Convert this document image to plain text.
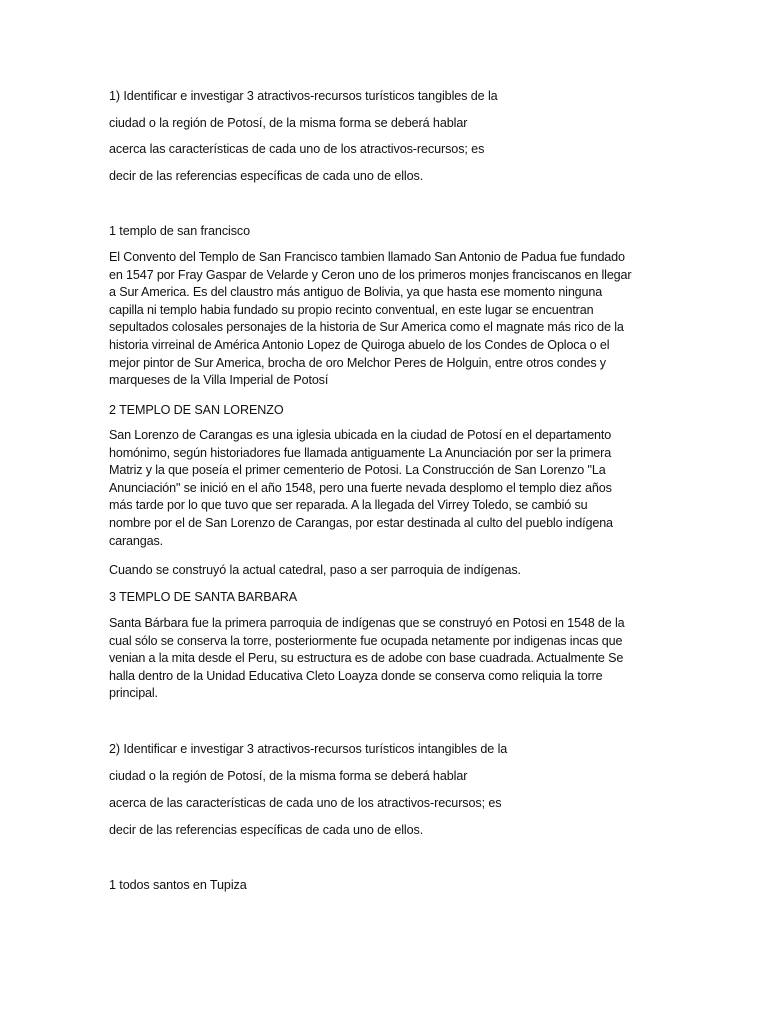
1) Identificar e investigar 3 atractivos-recursos turísticos tangibles de la
ciudad o la región de Potosí, de la misma forma se deberá hablar
acerca las características de cada uno de los atractivos-recursos; es
decir de las referencias específicas de cada uno de ellos.
1 templo de san francisco
El Convento del Templo de San Francisco tambien llamado San Antonio de Padua fue fundado
en 1547 por Fray Gaspar de Velarde y Ceron uno de los primeros monjes franciscanos en llegar
a Sur America. Es del claustro más antiguo de Bolivia, ya que hasta ese momento ninguna
capilla ni templo habia fundado su propio recinto conventual, en este lugar se encuentran
sepultados colosales personajes de la historia de Sur America como el magnate más rico de la
historia virreinal de América Antonio Lopez de Quiroga abuelo de los Condes de Oploca o el
mejor pintor de Sur America, brocha de oro Melchor Peres de Holguin, entre otros condes y
marqueses de la Villa Imperial de Potosí
2 TEMPLO DE SAN LORENZO
San Lorenzo de Carangas es una iglesia ubicada en la ciudad de Potosí en el departamento
homónimo, según historiadores fue llamada antiguamente La Anunciación por ser la primera
Matriz y la que poseía el primer cementerio de Potosi. La Construcción de San Lorenzo "La
Anunciación" se inició en el año 1548, pero una fuerte nevada desplomo el templo diez años
más tarde por lo que tuvo que ser reparada. A la llegada del Virrey Toledo, se cambió su
nombre por el de San Lorenzo de Carangas, por estar destinada al culto del pueblo indígena
carangas.
Cuando se construyó la actual catedral, paso a ser parroquia de indígenas.
3 TEMPLO DE SANTA BARBARA
Santa Bárbara fue la primera parroquia de indígenas que se construyó en Potosi en 1548 de la
cual sólo se conserva la torre, posteriormente fue ocupada netamente por indigenas incas que
venian a la mita desde el Peru, su estructura es de adobe con base cuadrada. Actualmente Se
halla dentro de la Unidad Educativa Cleto Loayza donde se conserva como reliquia la torre
principal.
2) Identificar e investigar 3 atractivos-recursos turísticos intangibles de la
ciudad o la región de Potosí, de la misma forma se deberá hablar
acerca de las características de cada uno de los atractivos-recursos; es
decir de las referencias específicas de cada uno de ellos.
1 todos santos en Tupiza
